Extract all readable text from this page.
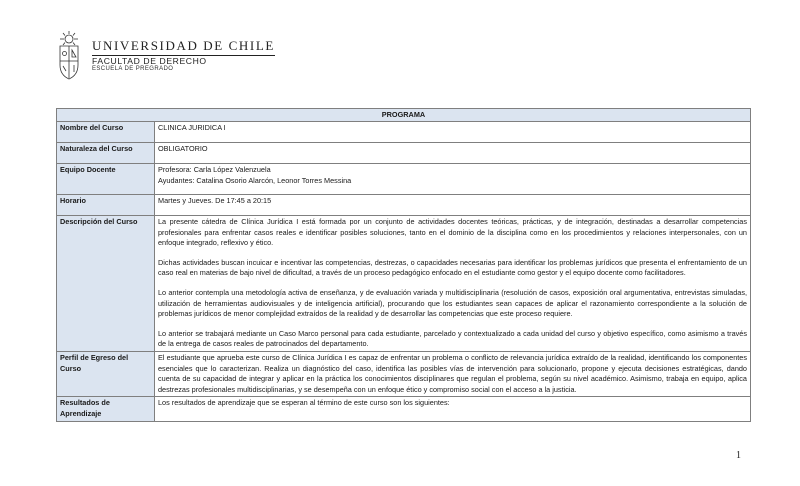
UNIVERSIDAD DE CHILE
FACULTAD DE DERECHO
ESCUELA DE PREGRADO
PROGRAMA	
Nombre del Curso	CLINICA JURIDICA I
Naturaleza del Curso	OBLIGATORIO
Equipo Docente	Profesora: Carla López Valenzuela
Ayudantes: Catalina Osorio Alarcón, Leonor Torres Messina

Horario	Martes y Jueves. De 17:45 a 20:15
Descripción del Curso	La presente cátedra de Clínica Jurídica I está formada por un conjunto de actividades docentes teóricas, prácticas, y de integración, destinadas a desarrollar competencias profesionales para enfrentar casos reales e identificar posibles soluciones, tanto en el dominio de la disciplina como en los procedimientos y relaciones interpersonales, con un enfoque integrado, reflexivo y ético.

Dichas actividades buscan incuicar e incentivar las competencias, destrezas, o capacidades necesarias para identificar los problemas jurídicos que presenta el enfrentamiento de un caso real en materias de bajo nivel de dificultad, a través de un proceso pedagógico enfocado en el estudiante como gestor y el equipo docente como facilitadores.

Lo anterior contempla una metodología activa de enseñanza, y de evaluación variada y multidisciplinaria (resolución de casos, exposición oral argumentativa, entrevistas simuladas, utilización de herramientas audiovisuales y de inteligencia artificial), procurando que los estudiantes sean capaces de aplicar el razonamiento correspondiente a la solución de problemas jurídicos de menor complejidad extraídos de la realidad y de desarrollar las competencias que este proceso requiere.

Lo anterior se trabajará mediante un Caso Marco personal para cada estudiante, parcelado y contextualizado a cada unidad del curso y objetivo específico, como asimismo a través de la entrega de casos reales de patrocinados del departamento.

Perfil de Egreso del Curso	El estudiante que aprueba este curso de Clínica Jurídica I es capaz de enfrentar un problema o conflicto de relevancia jurídica extraído de la realidad, identificando los componentes esenciales que lo caracterizan. Realiza un diagnóstico del caso, identifica las posibles vías de intervención para solucionarlo, propone y ejecuta decisiones estratégicas, dando cuenta de su capacidad de integrar y aplicar en la práctica los conocimientos disciplinares que regulan el problema, según su nivel académico. Asimismo, trabaja en equipo, aplica destrezas profesionales multidisciplinarias, y se desempeña con un enfoque ético y compromiso social con el acceso a la justicia.

Resultados de Aprendizaje	Los resultados de aprendizaje que se esperan al término de este curso son los siguientes:
1
